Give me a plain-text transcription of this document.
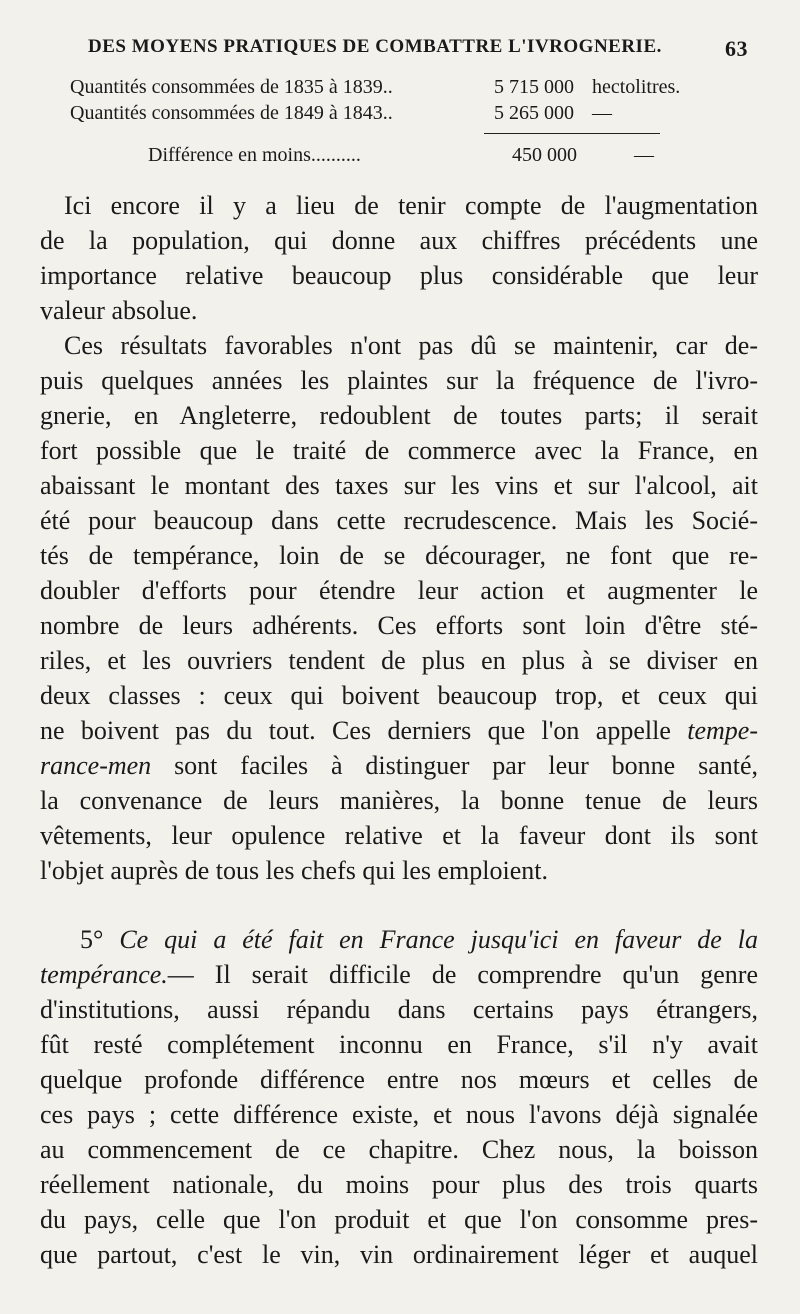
DES MOYENS PRATIQUES DE COMBATTRE L'IVROGNERIE.	63
Quantités consommées de 1835 à 1839..	5 715 000 hectolitres.
Quantités consommées de 1849 à 1843..	5 265 000 —
Différence en moins..........	450 000	—
Ici encore il y a lieu de tenir compte de l'augmentation
de la population, qui donne aux chiffres précédents une
importance relative beaucoup plus considérable que leur
valeur absolue.
Ces résultats favorables n'ont pas dû se maintenir, car de-
puis quelques années les plaintes sur la fréquence de l'ivro-
gnerie, en Angleterre, redoublent de toutes parts; il serait
fort possible que le traité de commerce avec la France, en
abaissant le montant des taxes sur les vins et sur l'alcool, ait
été pour beaucoup dans cette recrudescence. Mais les Socié-
tés de tempérance, loin de se décourager, ne font que re-
doubler d'efforts pour étendre leur action et augmenter le
nombre de leurs adhérents. Ces efforts sont loin d'être sté-
riles, et les ouvriers tendent de plus en plus à se diviser en
deux classes : ceux qui boivent beaucoup trop, et ceux qui
ne boivent pas du tout. Ces derniers que l'on appelle tempe-
rance-men sont faciles à distinguer par leur bonne santé,
la convenance de leurs manières, la bonne tenue de leurs
vêtements, leur opulence relative et la faveur dont ils sont
l'objet auprès de tous les chefs qui les emploient.
5° Ce qui a été fait en France jusqu'ici en faveur de la
tempérance.— Il serait difficile de comprendre qu'un genre
d'institutions, aussi répandu dans certains pays étrangers,
fût resté complétement inconnu en France, s'il n'y avait
quelque profonde différence entre nos mœurs et celles de
ces pays ; cette différence existe, et nous l'avons déjà signalée
au commencement de ce chapitre. Chez nous, la boisson
réellement nationale, du moins pour plus des trois quarts
du pays, celle que l'on produit et que l'on consomme pres-
que partout, c'est le vin, vin ordinairement léger et auquel
